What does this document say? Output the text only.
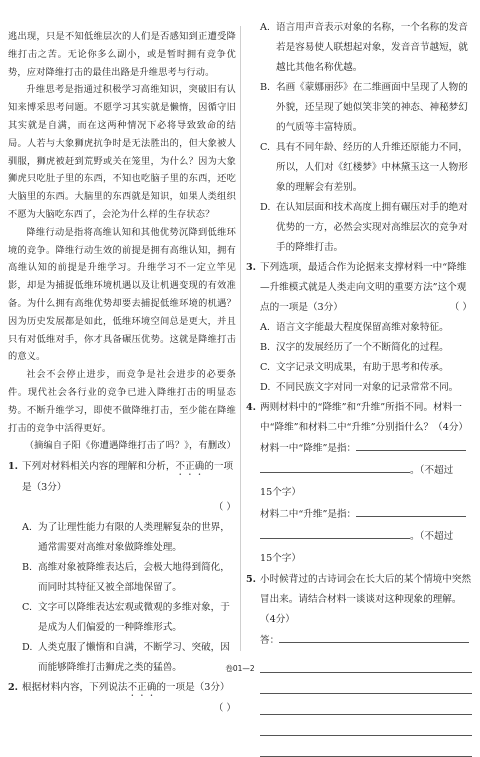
逃出现，只是不知低维层次的人们是否感知到正遭受降维打击之苦。无论你多么副小，或是暂时拥有竞争优势，应对降维打击的最佳出路是升维思考与行动。

升维思考是指通过积极学习高维知识，突破旧有认知来博采思考问题。不愿学习其实就是懒惰，因循守旧其实就是自满，而在这两种情况下必将导致致命的结局。人若与大象狮虎抗争时是无法胜出的，但大象被人驯服，狮虎被赶到荒野或关在笼里，为什么？因为大象狮虎只吃肚子里的东西，不知也吃脑子里的东西，还吃大脑里的东西。大脑里的东西就是知识，如果人类组织不愿为大脑吃东西了，会沦为什么样的生存状态？

降维行动是指将高维认知和其他优势沉降到低维环境的竞争。降维行动生效的前提是拥有高维认知，拥有高维认知的前提是升维学习。升维学习不一定立竿见影，却是为捕捉低维环境机遇以及让机遇变现的有效准备。为什么拥有高维优势却要去捕捉低维环境的机遇？因为历史发展都是如此，低维环境空间总是更大，并且只有对低维对手，你才具备碾压优势。这就是降维打击的意义。

社会不会停止进步，而竞争是社会进步的必要条件。现代社会各行业的竞争已进入降维打击的明显态势。不断升维学习，即使不做降维打击，至少能在降维打击的竞争中活得更好。

（摘编自子阳《你遭遇降维打击了吗？》，有删改）

1. 下列对材料相关内容的理解和分析，不正确的一项是（3分）

（ ）
A. 为了让理性能力有限的人类理解复杂的世界，通常需要对高维对象做降维处理。
B. 高维对象被降维表达后，会极大地得到简化，而同时其特征又被全部地保留了。
C. 文字可以降维表达宏观或微观的多维对象，于是成为人们偏爱的一种降维形式。
D. 人类克服了懒惰和自满，不断学习、突破，因而能够降维打击狮虎之类的猛兽。
2. 根据材料内容，下列说法不正确的一项是（3分）

（ ）
A. 语言用声音表示对象的名称，一个名称的发音若是容易使人联想起对象，发音音节越短，就越比其他名称优越。
B. 名画《蒙娜丽莎》在二维画面中呈现了人物的外貌，还呈现了她似笑非笑的神态、神秘梦幻的气质等丰富特质。
C. 具有不同年龄、经历的人升维还原能力不同，所以，人们对《红楼梦》中林黛玉这一人物形象的理解会有差别。
D. 在认知层面和技术高度上拥有碾压对手的绝对优势的一方，必然会实现对高维层次的竞争对手的降维打击。
3. 下列选项，最适合作为论据来支撑材料一中“降维—升维模式就是人类走向文明的重要方法”这个观点的一项是（3分）	（ ）
A. 语言文字能最大程度保留高维对象特征。
B. 汉字的发展经历了一个不断简化的过程。
C. 文字记录文明成果，有助于思考和传承。
D. 不同民族文字对同一对象的记录常常不同。
4. 两则材料中的“降维”和“升维”所指不同。材料一中“降维”和材料二中“升维”分别指什么？（4分）
材料一中“降维”是指：
。（不超过
15个字）
材料二中“升维”是指：
。（不超过
15个字）
5. 小时候背过的古诗词会在长大后的某个情境中突然冒出来。请结合材料一谈谈对这种现象的理解。（4分）
答：
卷01—2
